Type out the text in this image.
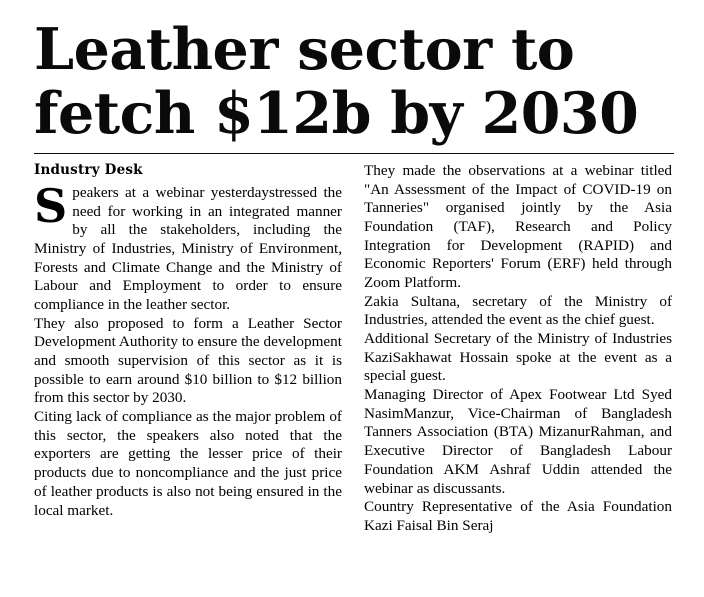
Leather sector to
fetch $12b by 2030
Industry Desk

Speakers at a webinar yesterdaystressed the need for working in an integrated manner by all the stakeholders, including the Ministry of Industries, Ministry of Environment, Forests and Climate Change and the Ministry of Labour and Employment to order to ensure compliance in the leather sector.

They also proposed to form a Leather Sector Development Authority to ensure the development and smooth supervision of this sector as it is possible to earn around $10 billion to $12 billion from this sector by 2030.

Citing lack of compliance as the major problem of this sector, the speakers also noted that the exporters are getting the lesser price of their products due to noncompliance and the just price of leather products is also not being ensured in the local market.

They made the observations at a webinar titled "An Assessment of the Impact of COVID-19 on Tanneries" organised jointly by the Asia Foundation (TAF), Research and Policy Integration for Development (RAPID) and Economic Reporters' Forum (ERF) held through Zoom Platform.

Zakia Sultana, secretary of the Ministry of Industries, attended the event as the chief guest.

Additional Secretary of the Ministry of Industries KaziSakhawat Hossain spoke at the event as a special guest.

Managing Director of Apex Footwear Ltd Syed NasimManzur, Vice-Chairman of Bangladesh Tanners Association (BTA) MizanurRahman, and Executive Director of Bangladesh Labour Foundation AKM Ashraf Uddin attended the webinar as discussants.

Country Representative of the Asia Foundation Kazi Faisal Bin Seraj
